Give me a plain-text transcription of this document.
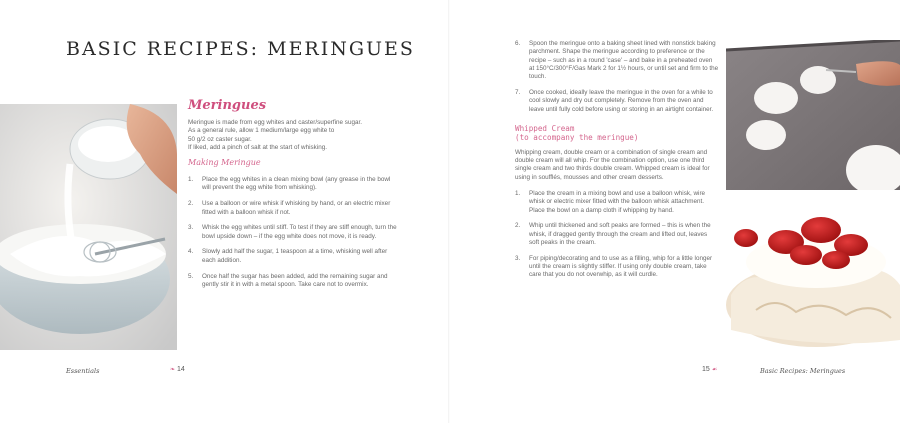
BASIC RECIPES: MERINGUES
Meringues

Meringue is made from egg whites and caster/superfine sugar.

As a general rule, allow 1 medium/large egg white to

50 g/2 oz caster sugar.

If liked, add a pinch of salt at the start of whisking.

Making Meringue
1. Place the egg whites in a clean mixing bowl (any grease in the bowl will prevent the egg white from whisking).
2. Use a balloon or wire whisk if whisking by hand, or an electric mixer fitted with a balloon whisk if not.
3. Whisk the egg whites until stiff. To test if they are stiff enough, turn the bowl upside down – if the egg white does not move, it is ready.
4. Slowly add half the sugar, 1 teaspoon at a time, whisking well after each addition.
5. Once half the sugar has been added, add the remaining sugar and gently stir it in with a metal spoon. Take care not to overmix.
Essentials	❧ 14
6. Spoon the meringue onto a baking sheet lined with nonstick baking parchment. Shape the meringue according to preference or the recipe – such as in a round 'case' – and bake in a preheated oven at 150°C/300°F/Gas Mark 2 for 1½ hours, or until set and firm to the touch.
7. Once cooked, ideally leave the meringue in the oven for a while to cool slowly and dry out completely. Remove from the oven and leave until fully cold before using or storing in an airtight container.
Whipped Cream
(to accompany the meringue)

Whipping cream, double cream or a combination of single cream and double cream will all whip. For the combination option, use one third single cream and two thirds double cream. Whipped cream is ideal for using in soufflés, mousses and other cream desserts.

1. Place the cream in a mixing bowl and use a balloon whisk, wire whisk or electric mixer fitted with the balloon whisk attachment. Place the bowl on a damp cloth if whipping by hand.
2. Whip until thickened and soft peaks are formed – this is when the whisk, if dragged gently through the cream and lifted out, leaves soft peaks in the cream.
3. For piping/decorating and to use as a filling, whip for a little longer until the cream is slightly stiffer. If using only double cream, take care that you do not overwhip, as it will curdle.
15 ☙	Basic Recipes: Meringues
